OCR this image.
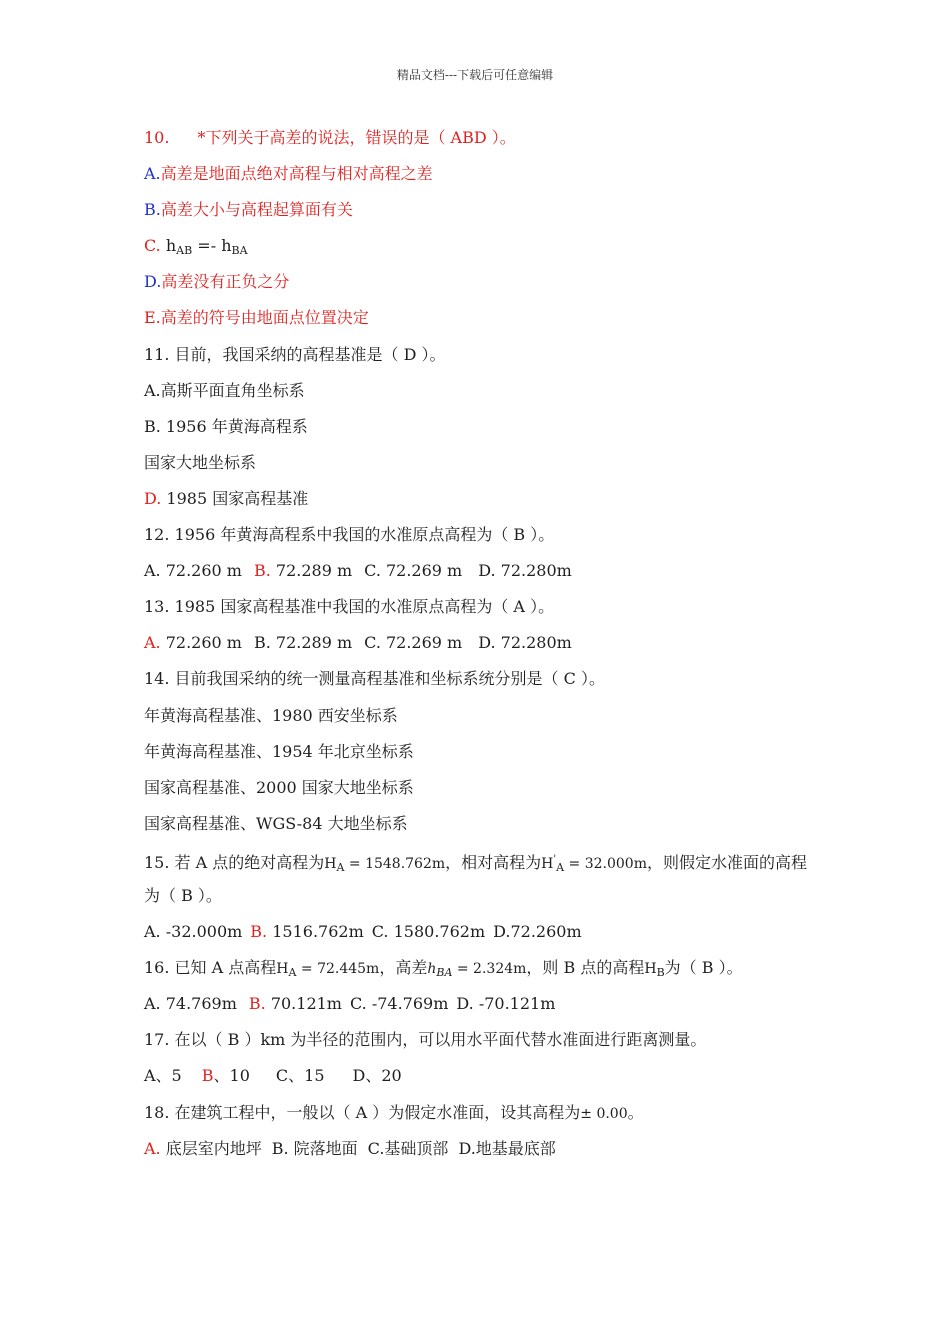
精品文档---下载后可任意编辑
10. *下列关于高差的说法，错误的是（ ABD ）。
A.高差是地面点绝对高程与相对高程之差
B.高差大小与高程起算面有关
C. $h_{AB} =- h_{BA}$
D.高差没有正负之分
E.高差的符号由地面点位置决定
11. 目前，我国采纳的高程基准是（ D ）。
A.高斯平面直角坐标系
B. 1956 年黄海高程系
国家大地坐标系
D. 1985 国家高程基准
12. 1956 年黄海高程系中我国的水准原点高程为（ B ）。
A. 72.260 m B. 72.289 m C. 72.269 m D. 72.280m
13. 1985 国家高程基准中我国的水准原点高程为（ A ）。
A. 72.260 m B. 72.289 m C. 72.269 m D. 72.280m
14. 目前我国采纳的统一测量高程基准和坐标系统分别是（ C ）。
年黄海高程基准、1980 西安坐标系
年黄海高程基准、1954 年北京坐标系
国家高程基准、2000 国家大地坐标系
国家高程基准、WGS-84 大地坐标系
15. 若 A 点的绝对高程为$H_A = 1548.762m$，相对高程为$H'_A = 32.000m$，则假定水准面的高程
为（ B ）。
A. -32.000m B. 1516.762m C. 1580.762m D.72.260m
16. 已知 A 点高程$H_A = 72.445m$，高差$h_{BA} = 2.324m$，则 B 点的高程$H_B$为（ B ）。
A. 74.769m B. 70.121m C. -74.769m D. -70.121m
17. 在以（ B ）km 为半径的范围内，可以用水平面代替水准面进行距离测量。
A、5 B、10 C、15 D、20
18. 在建筑工程中，一般以（ A ）为假定水准面，设其高程为± 0.00。
A. 底层室内地坪 B. 院落地面 C.基础顶部 D.地基最底部
